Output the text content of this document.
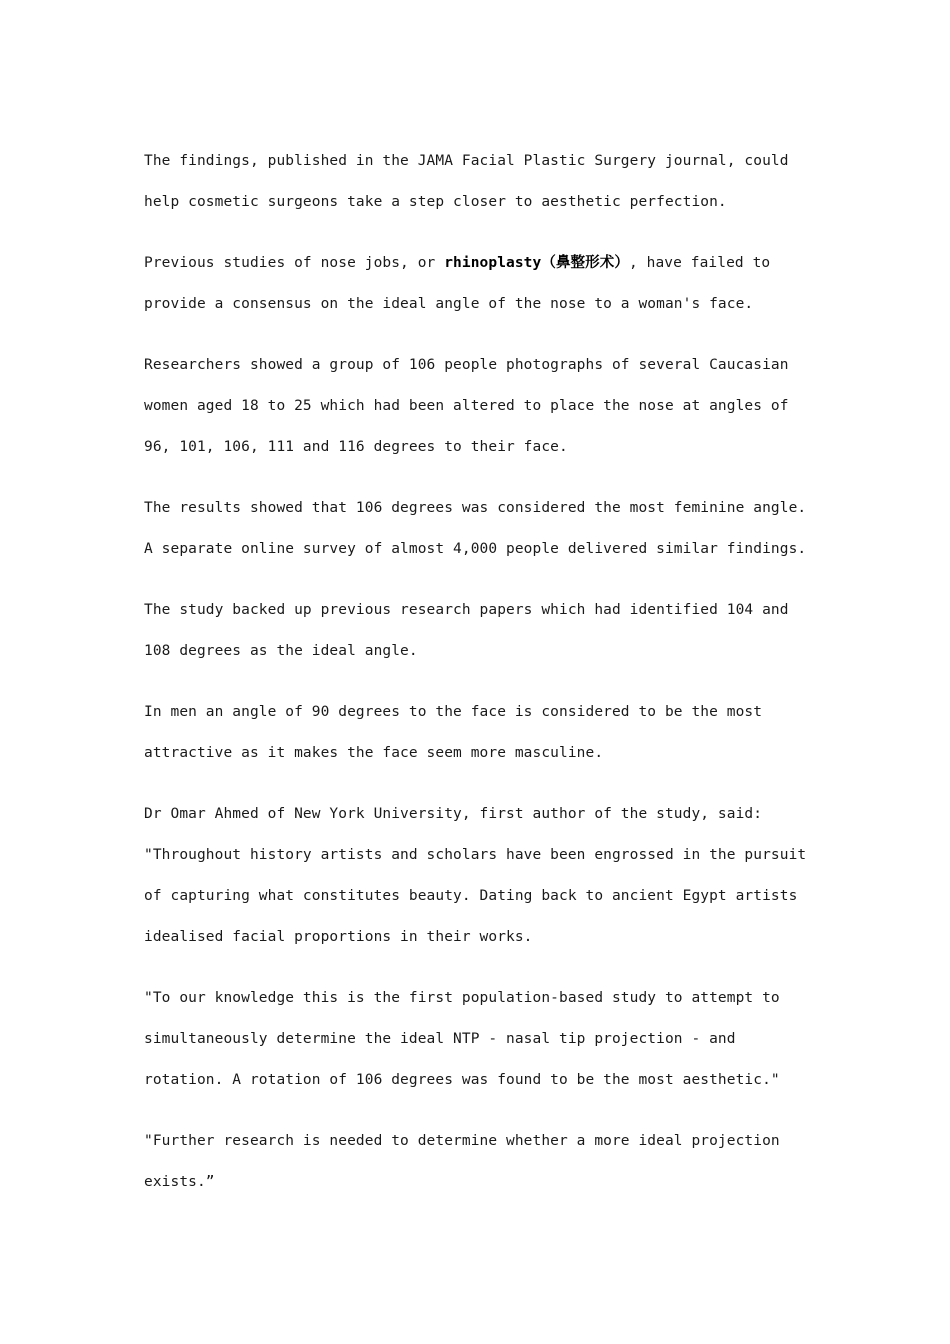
The findings, published in the JAMA Facial Plastic Surgery journal, could help cosmetic surgeons take a step closer to aesthetic perfection.

Previous studies of nose jobs, or rhinoplasty（鼻整形术）, have failed to provide a consensus on the ideal angle of the nose to a woman's face.

Researchers showed a group of 106 people photographs of several Caucasian women aged 18 to 25 which had been altered to place the nose at angles of 96, 101, 106, 111 and 116 degrees to their face.

The results showed that 106 degrees was considered the most feminine angle. A separate online survey of almost 4,000 people delivered similar findings.

The study backed up previous research papers which had identified 104 and 108 degrees as the ideal angle.

In men an angle of 90 degrees to the face is considered to be the most attractive as it makes the face seem more masculine.

Dr Omar Ahmed of New York University, first author of the study, said:

"Throughout history artists and scholars have been engrossed in the pursuit of capturing what constitutes beauty. Dating back to ancient Egypt artists idealised facial proportions in their works.

"To our knowledge this is the first population-based study to attempt to simultaneously determine the ideal NTP - nasal tip projection - and rotation. A rotation of 106 degrees was found to be the most aesthetic."

"Further research is needed to determine whether a more ideal projection exists.”
